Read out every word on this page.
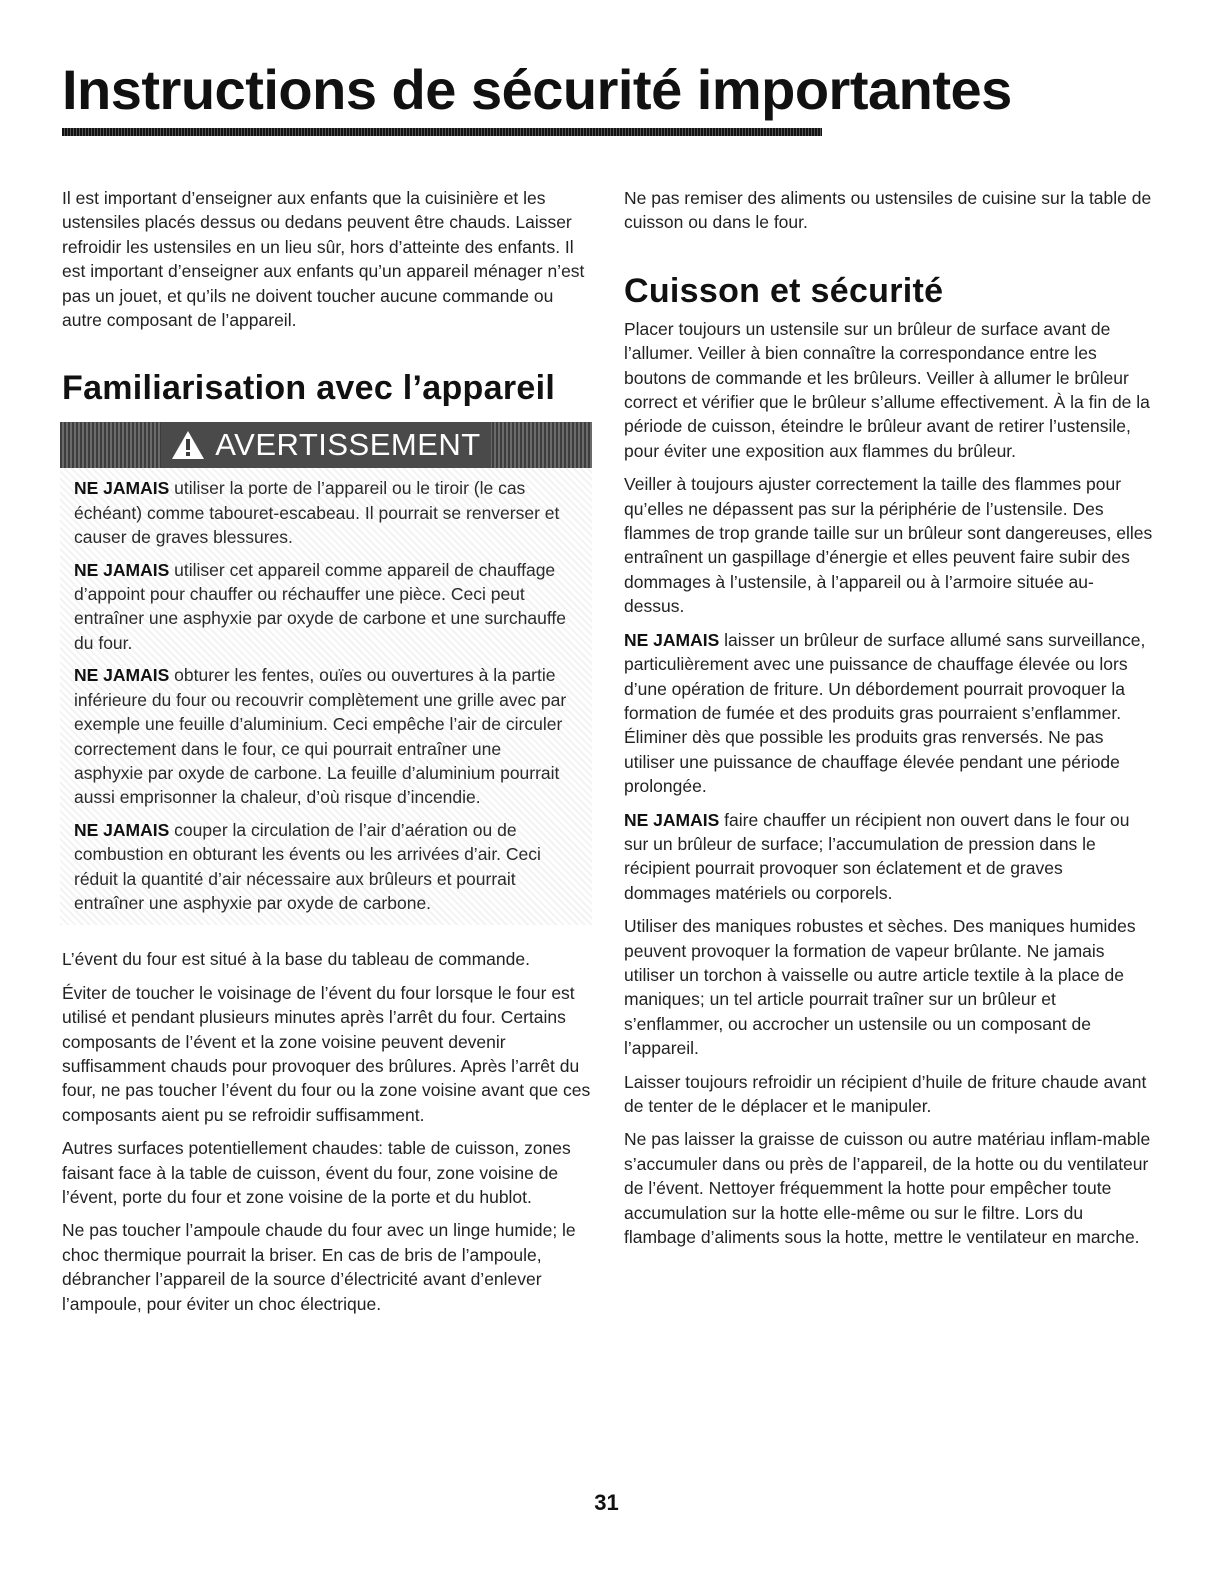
Instructions de sécurité importantes

Il est important d’enseigner aux enfants que la cuisinière et les ustensiles placés dessus ou dedans peuvent être chauds. Laisser refroidir les ustensiles en un lieu sûr, hors d’atteinte des enfants. Il est important d’enseigner aux enfants qu’un appareil ménager n’est pas un jouet, et qu’ils ne doivent toucher aucune commande ou autre composant de l’appareil.

Familiarisation avec l’appareil
AVERTISSEMENT

NE JAMAIS utiliser la porte de l’appareil ou le tiroir (le cas échéant) comme tabouret-escabeau. Il pourrait se renverser et causer de graves blessures.

NE JAMAIS utiliser cet appareil comme appareil de chauffage d’appoint pour chauffer ou réchauffer une pièce. Ceci peut entraîner une asphyxie par oxyde de carbone et une surchauffe du four.

NE JAMAIS obturer les fentes, ouïes ou ouvertures à la partie inférieure du four ou recouvrir complètement une grille avec par exemple une feuille d’aluminium. Ceci empêche l’air de circuler correctement dans le four, ce qui pourrait entraîner une asphyxie par oxyde de carbone. La feuille d’aluminium pourrait aussi emprisonner la chaleur, d’où risque d’incendie.

NE JAMAIS couper la circulation de l’air d’aération ou de combustion en obturant les évents ou les arrivées d’air. Ceci réduit la quantité d’air nécessaire aux brûleurs et pourrait entraîner une asphyxie par oxyde de carbone.

L’évent du four est situé à la base du tableau de commande.

Éviter de toucher le voisinage de l’évent du four lorsque le four est utilisé et pendant plusieurs minutes après l’arrêt du four. Certains composants de l’évent et la zone voisine peuvent devenir suffisamment chauds pour provoquer des brûlures. Après l’arrêt du four, ne pas toucher l’évent du four ou la zone voisine avant que ces composants aient pu se refroidir suffisamment.

Autres surfaces potentiellement chaudes: table de cuisson, zones faisant face à la table de cuisson, évent du four, zone voisine de l’évent, porte du four et zone voisine de la porte et du hublot.

Ne pas toucher l’ampoule chaude du four avec un linge humide; le choc thermique pourrait la briser. En cas de bris de l’ampoule, débrancher l’appareil de la source d’électricité avant d’enlever l’ampoule, pour éviter un choc électrique.

Ne pas remiser des aliments ou ustensiles de cuisine sur la table de cuisson ou dans le four.

Cuisson et sécurité

Placer toujours un ustensile sur un brûleur de surface avant de l’allumer. Veiller à bien connaître la correspondance entre les boutons de commande et les brûleurs. Veiller à allumer le brûleur correct et vérifier que le brûleur s’allume effectivement. À la fin de la période de cuisson, éteindre le brûleur avant de retirer l’ustensile, pour éviter une exposition aux flammes du brûleur.

Veiller à toujours ajuster correctement la taille des flammes pour qu’elles ne dépassent pas sur la périphérie de l’ustensile. Des flammes de trop grande taille sur un brûleur sont dangereuses, elles entraînent un gaspillage d’énergie et elles peuvent faire subir des dommages à l’ustensile, à l’appareil ou à l’armoire située au-dessus.

NE JAMAIS laisser un brûleur de surface allumé sans surveillance, particulièrement avec une puissance de chauffage élevée ou lors d’une opération de friture. Un débordement pourrait provoquer la formation de fumée et des produits gras pourraient s’enflammer. Éliminer dès que possible les produits gras renversés. Ne pas utiliser une puissance de chauffage élevée pendant une période prolongée.

NE JAMAIS faire chauffer un récipient non ouvert dans le four ou sur un brûleur de surface; l’accumulation de pression dans le récipient pourrait provoquer son éclatement et de graves dommages matériels ou corporels.

Utiliser des maniques robustes et sèches. Des maniques humides peuvent provoquer la formation de vapeur brûlante. Ne jamais utiliser un torchon à vaisselle ou autre article textile à la place de maniques; un tel article pourrait traîner sur un brûleur et s’enflammer, ou accrocher un ustensile ou un composant de l’appareil.

Laisser toujours refroidir un récipient d’huile de friture chaude avant de tenter de le déplacer et le manipuler.

Ne pas laisser la graisse de cuisson ou autre matériau inflam-mable s’accumuler dans ou près de l’appareil, de la hotte ou du ventilateur de l’évent. Nettoyer fréquemment la hotte pour empêcher toute accumulation sur la hotte elle-même ou sur le filtre. Lors du flambage d’aliments sous la hotte, mettre le ventilateur en marche.

31
